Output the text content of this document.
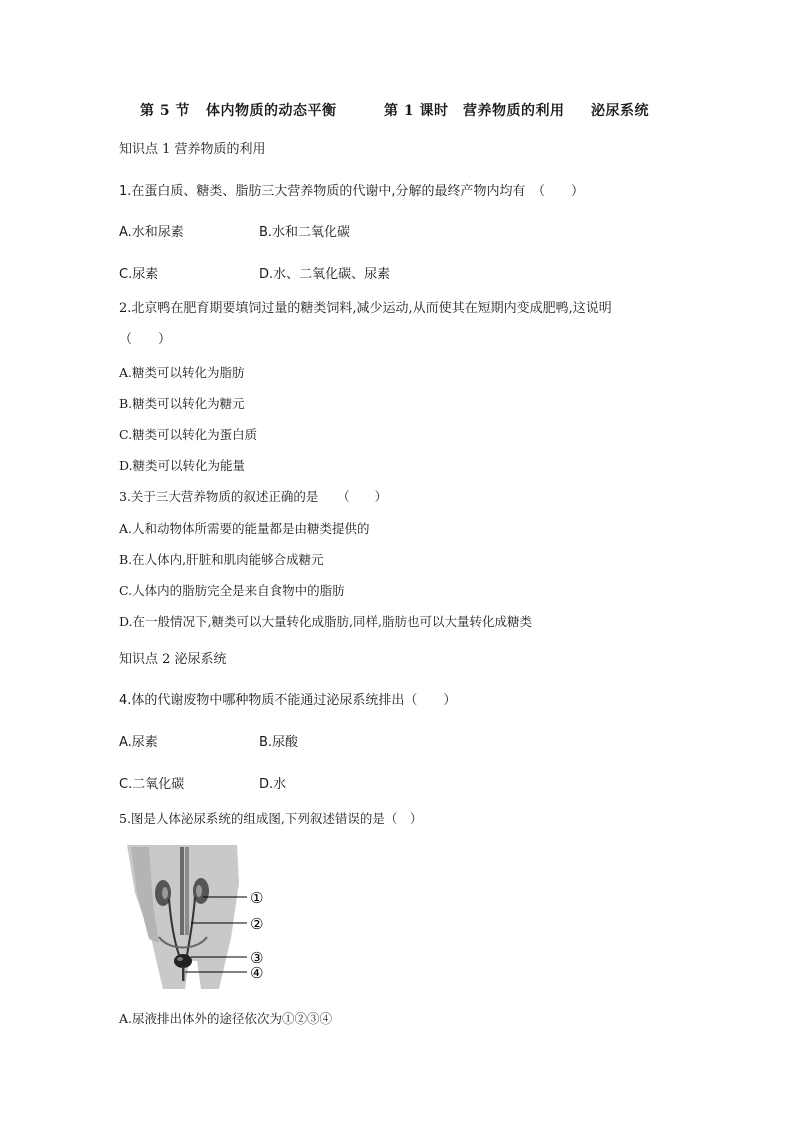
第 5 节 体内物质的动态平衡	第 1 课时 营养物质的利用 泌尿系统
知识点 1 营养物质的利用
1.在蛋白质、糖类、脂肪三大营养物质的代谢中,分解的最终产物内均有　（　　）
A.水和尿素	B.水和二氧化碳
C.尿素	D.水、二氧化碳、尿素
2.北京鸭在肥育期要填饲过量的糖类饲料,减少运动,从而使其在短期内变成肥鸭,这说明
（　　）
A.糖类可以转化为脂肪
B.糖类可以转化为糖元
C.糖类可以转化为蛋白质
D.糖类可以转化为能量
3.关于三大营养物质的叙述正确的是　　（　　）
A.人和动物体所需要的能量都是由糖类提供的
B.在人体内,肝脏和肌肉能够合成糖元
C.人体内的脂肪完全是来自食物中的脂肪
D.在一般情况下,糖类可以大量转化成脂肪,同样,脂肪也可以大量转化成糖类
知识点 2 泌尿系统
4.体的代谢废物中哪种物质不能通过泌尿系统排出（　　）
A.尿素	B.尿酸
C.二氧化碳	D.水
5.图是人体泌尿系统的组成图,下列叙述错误的是（　）
①
②
③
④
A.尿液排出体外的途径依次为①②③④
